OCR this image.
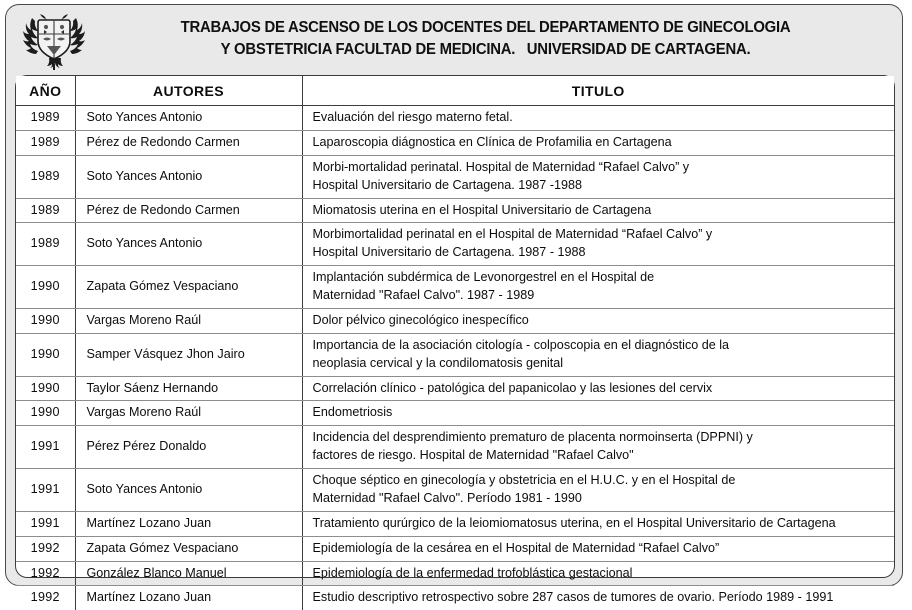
TRABAJOS DE ASCENSO DE LOS DOCENTES DEL DEPARTAMENTO DE GINECOLOGIA
Y OBSTETRICIA FACULTAD DE MEDICINA.   UNIVERSIDAD DE CARTAGENA.
AÑO	AUTORES	TITULO
1989	Soto Yances Antonio	Evaluación del riesgo materno fetal.

1989	Pérez de Redondo Carmen	Laparoscopia diágnostica en Clínica de Profamilia en Cartagena

1989	Soto Yances Antonio	Morbi-mortalidad perinatal. Hospital de Maternidad “Rafael Calvo” y
Hospital Universitario de Cartagena. 1987 -1988

1989	Pérez de Redondo Carmen	Miomatosis uterina en el Hospital Universitario de Cartagena

1989	Soto Yances Antonio	Morbimortalidad perinatal en el Hospital de Maternidad “Rafael Calvo” y
Hospital Universitario de Cartagena. 1987 - 1988

1990	Zapata Gómez Vespaciano	Implantación subdérmica de Levonorgestrel en el Hospital de
Maternidad "Rafael Calvo". 1987 - 1989

1990	Vargas Moreno Raúl	Dolor pélvico ginecológico inespecífico

1990	Samper Vásquez Jhon Jairo	Importancia de la asociación citología - colposcopia en el diagnóstico de la
neoplasia cervical y la condilomatosis genital

1990	Taylor Sáenz Hernando	Correlación clínico - patológica del papanicolao y las lesiones del cervix

1990	Vargas Moreno Raúl	Endometriosis

1991	Pérez Pérez Donaldo	Incidencia del desprendimiento prematuro de placenta normoinserta (DPPNI) y
factores de riesgo. Hospital de Maternidad "Rafael Calvo"

1991	Soto Yances Antonio	Choque séptico en ginecología y obstetricia en el H.U.C. y en el Hospital de
Maternidad "Rafael Calvo". Período 1981 - 1990

1991	Martínez Lozano Juan	Tratamiento qurúrgico de la leiomiomatosus uterina, en el Hospital Universitario de Cartagena

1992	Zapata Gómez Vespaciano	Epidemiología de la cesárea en el Hospital de Maternidad “Rafael Calvo”

1992	González Blanco Manuel	Epidemiología de la enfermedad trofoblástica gestacional

1992	Martínez Lozano Juan	Estudio descriptivo retrospectivo sobre 287 casos de tumores de ovario. Período 1989 - 1991
